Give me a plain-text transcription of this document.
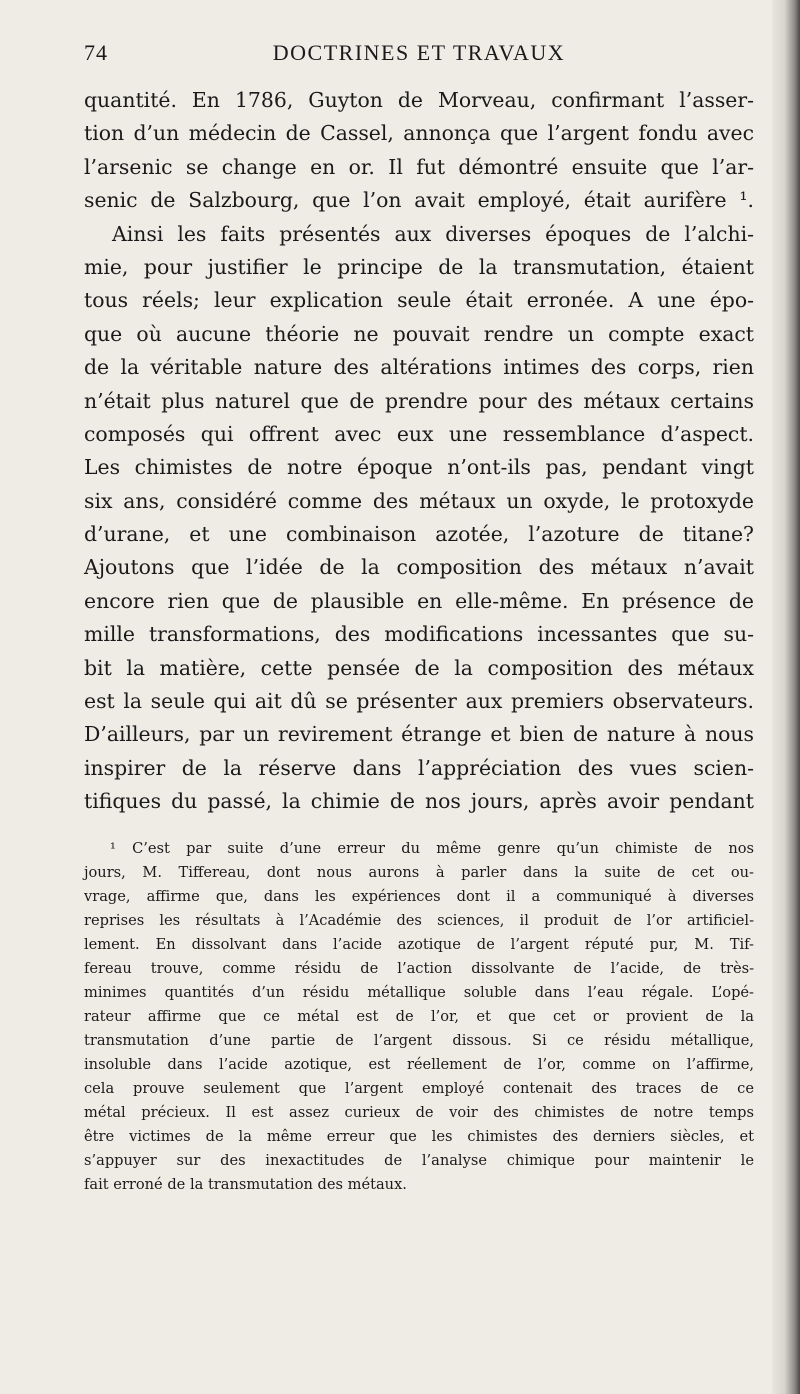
DOCTRINES ET TRAVAUX
74
quantité. En 1786, Guyton de Morveau, confirmant l’asser-
tion d’un médecin de Cassel, annonça que l’argent fondu avec
l’arsenic se change en or. Il fut démontré ensuite que l’ar-
senic de Salzbourg, que l’on avait employé, était aurifère ¹.
Ainsi les faits présentés aux diverses époques de l’alchi-
mie, pour justifier le principe de la transmutation, étaient
tous réels; leur explication seule était erronée. A une épo-
que où aucune théorie ne pouvait rendre un compte exact
de la véritable nature des altérations intimes des corps, rien
n’était plus naturel que de prendre pour des métaux certains
composés qui offrent avec eux une ressemblance d’aspect.
Les chimistes de notre époque n’ont-ils pas, pendant vingt
six ans, considéré comme des métaux un oxyde, le protoxyde
d’urane, et une combinaison azotée, l’azoture de titane?
Ajoutons que l’idée de la composition des métaux n’avait
encore rien que de plausible en elle-même. En présence de
mille transformations, des modifications incessantes que su-
bit la matière, cette pensée de la composition des métaux
est la seule qui ait dû se présenter aux premiers observateurs.
D’ailleurs, par un revirement étrange et bien de nature à nous
inspirer de la réserve dans l’appréciation des vues scien-
tifiques du passé, la chimie de nos jours, après avoir pendant
¹ C’est par suite d’une erreur du même genre qu’un chimiste de nos
jours, M. Tiffereau, dont nous aurons à parler dans la suite de cet ou-
vrage, affirme que, dans les expériences dont il a communiqué à diverses
reprises les résultats à l’Académie des sciences, il produit de l’or artificiel-
lement. En dissolvant dans l’acide azotique de l’argent réputé pur, M. Tif-
fereau trouve, comme résidu de l’action dissolvante de l’acide, de très-
minimes quantités d’un résidu métallique soluble dans l’eau régale. L’opé-
rateur affirme que ce métal est de l’or, et que cet or provient de la
transmutation d’une partie de l’argent dissous. Si ce résidu métallique,
insoluble dans l’acide azotique, est réellement de l’or, comme on l’affirme,
cela prouve seulement que l’argent employé contenait des traces de ce
métal précieux. Il est assez curieux de voir des chimistes de notre temps
être victimes de la même erreur que les chimistes des derniers siècles, et
s’appuyer sur des inexactitudes de l’analyse chimique pour maintenir le
fait erroné de la transmutation des métaux.
